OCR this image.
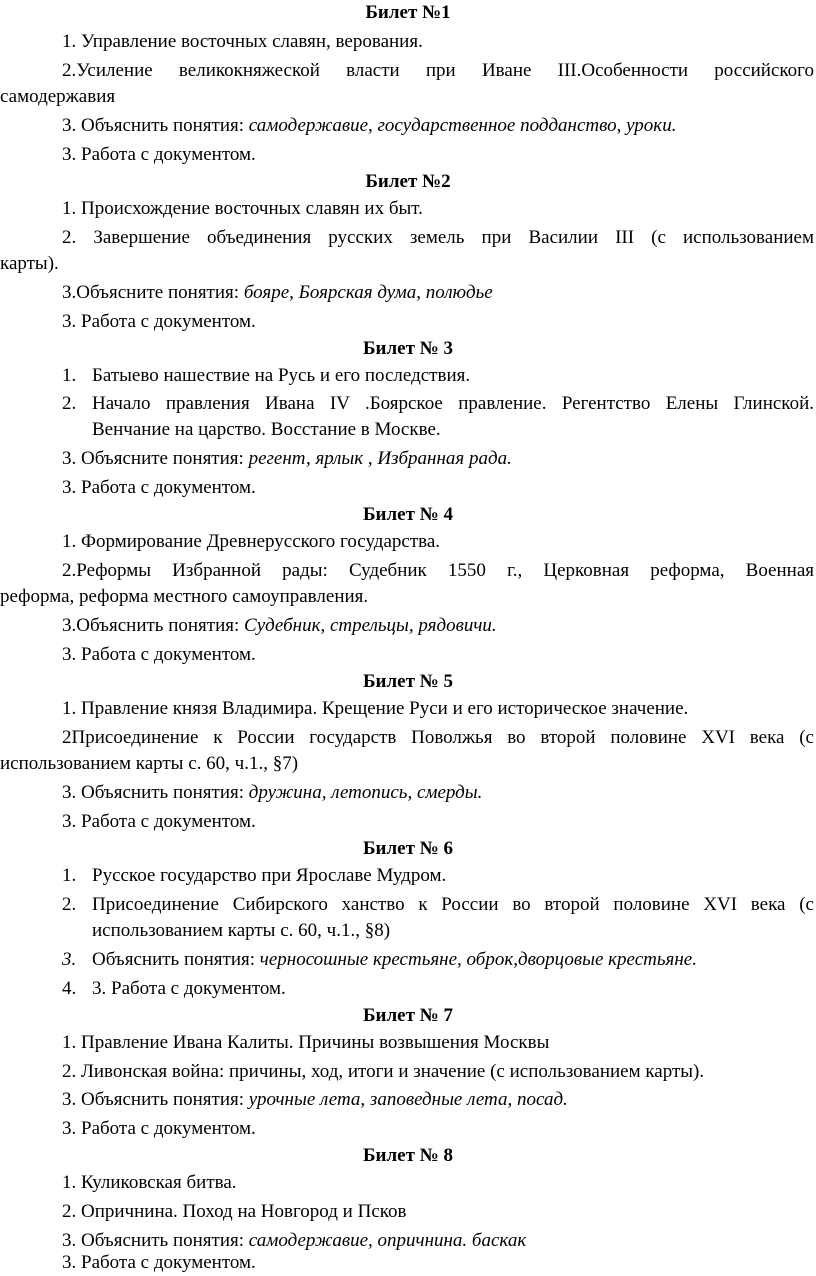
Билет №1
1. Управление восточных славян, верования.
2.Усиление великокняжеской власти при Иване III.Особенности российского
самодержавия
3. Объяснить понятия: самодержавие, государственное подданство, уроки.
3. Работа с документом.
Билет №2
1. Происхождение восточных славян их быт.
2. Завершение объединения русских земель при Василии III (с использованием
карты).
3.Объясните понятия: бояре, Боярская дума, полюдье
3. Работа с документом.
Билет № 3
1. Батыево нашествие на Русь и его последствия.
2. Начало правления Ивана IV .Боярское правление. Регентство Елены Глинской.
Венчание на царство. Восстание в Москве.
3. Объясните понятия: регент, ярлык , Избранная рада.
3. Работа с документом.
Билет № 4
1. Формирование Древнерусского государства.
2.Реформы Избранной рады: Судебник 1550 г., Церковная реформа, Военная
реформа, реформа местного самоуправления.
3.Объяснить понятия: Судебник, стрельцы, рядовичи.
3. Работа с документом.
Билет № 5
1. Правление князя Владимира. Крещение Руси и его историческое значение.
2Присоединение к России государств Поволжья во второй половине XVI века (с
использованием карты с. 60, ч.1., §7)
3. Объяснить понятия: дружина, летопись, смерды.
3. Работа с документом.
Билет № 6
1. Русское государство при Ярославе Мудром.
2. Присоединение Сибирского ханство к России во второй половине XVI века (с
использованием карты с. 60, ч.1., §8)
3. Объяснить понятия: черносошные крестьяне, оброк,дворцовые крестьяне.
4. 3. Работа с документом.
Билет № 7
1. Правление Ивана Калиты. Причины возвышения Москвы
2. Ливонская война: причины, ход, итоги и значение (с использованием карты).
3. Объяснить понятия: урочные лета, заповедные лета, посад.
3. Работа с документом.
Билет № 8
1. Куликовская битва.
2. Опричнина. Поход на Новгород и Псков
3. Объяснить понятия: самодержавие, опричнина. баскак
3. Работа с документом.
